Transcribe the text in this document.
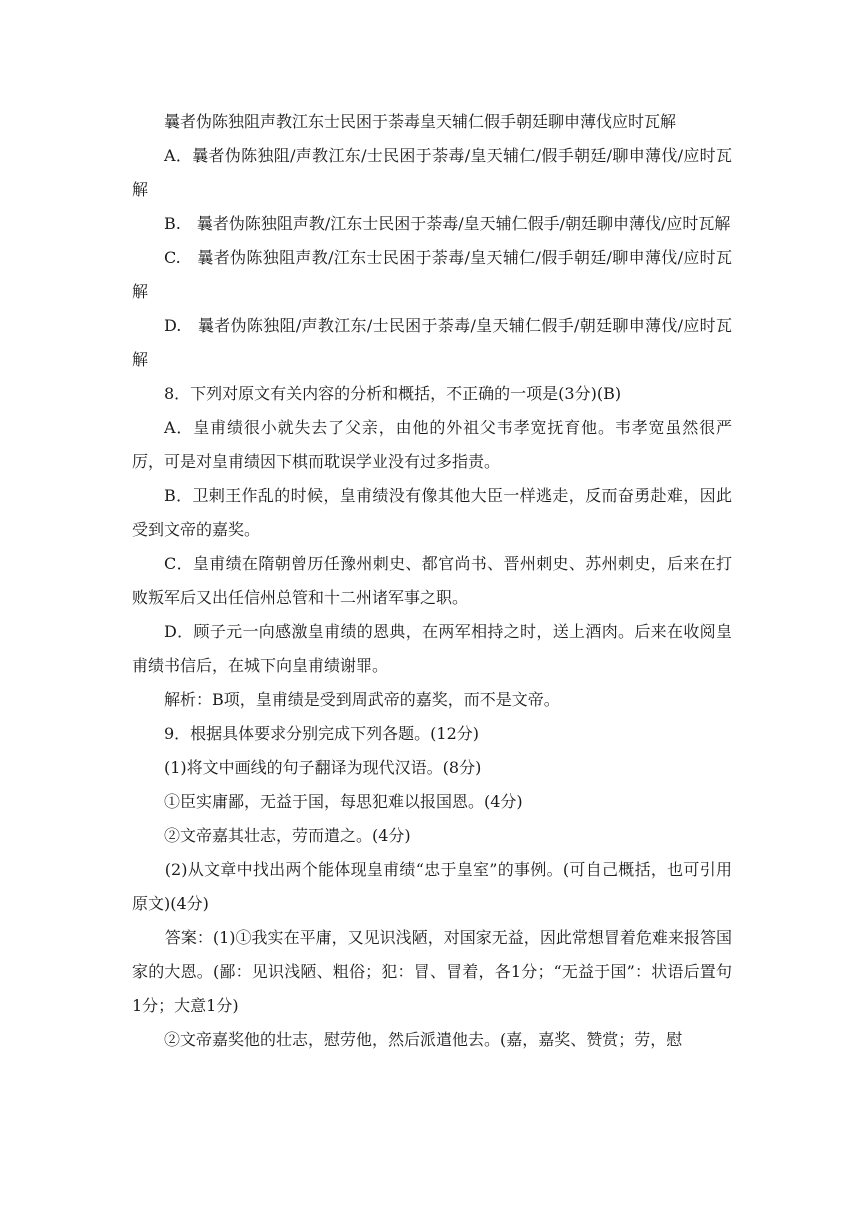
曩者伪陈独阻声教江东士民困于荼毒皇天辅仁假手朝廷聊申薄伐应时瓦解

A．曩者伪陈独阻/声教江东/士民困于荼毒/皇天辅仁/假手朝廷/聊申薄伐/应时瓦解

B.　曩者伪陈独阻声教/江东士民困于荼毒/皇天辅仁假手/朝廷聊申薄伐/应时瓦解

C.　曩者伪陈独阻声教/江东士民困于荼毒/皇天辅仁/假手朝廷/聊申薄伐/应时瓦解

D.　曩者伪陈独阻/声教江东/士民困于荼毒/皇天辅仁假手/朝廷聊申薄伐/应时瓦解

8．下列对原文有关内容的分析和概括，不正确的一项是(3分)(B)

A．皇甫绩很小就失去了父亲，由他的外祖父韦孝宽抚育他。韦孝宽虽然很严厉，可是对皇甫绩因下棋而耽误学业没有过多指责。

B．卫剌王作乱的时候，皇甫绩没有像其他大臣一样逃走，反而奋勇赴难，因此受到文帝的嘉奖。

C．皇甫绩在隋朝曾历任豫州刺史、都官尚书、晋州刺史、苏州刺史，后来在打败叛军后又出任信州总管和十二州诸军事之职。

D．顾子元一向感激皇甫绩的恩典，在两军相持之时，送上酒肉。后来在收阅皇甫绩书信后，在城下向皇甫绩谢罪。

解析：B项，皇甫绩是受到周武帝的嘉奖，而不是文帝。

9．根据具体要求分别完成下列各题。(12分)

(1)将文中画线的句子翻译为现代汉语。(8分)

①臣实庸鄙，无益于国，每思犯难以报国恩。(4分)

②文帝嘉其壮志，劳而遣之。(4分)

(2)从文章中找出两个能体现皇甫绩“忠于皇室”的事例。(可自己概括，也可引用原文)(4分)

答案：(1)①我实在平庸，又见识浅陋，对国家无益，因此常想冒着危难来报答国家的大恩。(鄙：见识浅陋、粗俗；犯：冒、冒着，各1分；“无益于国”：状语后置句1分；大意1分)

②文帝嘉奖他的壮志，慰劳他，然后派遣他去。(嘉，嘉奖、赞赏；劳，慰
